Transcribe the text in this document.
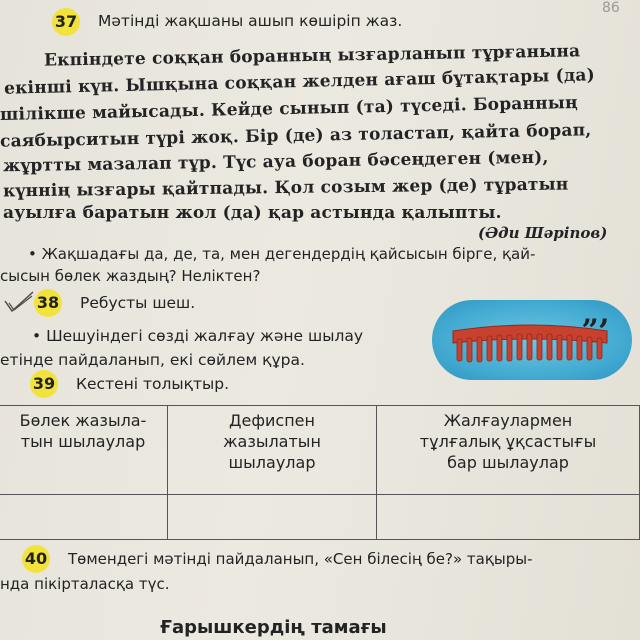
86
37 Мәтінді жақшаны ашып көшіріп жаз.
Екпіндете соққан боранның ызғарланып тұрғанына
екінші күн. Ышқына соққан желден ағаш бұтақтары (да)
шілікше майысады. Кейде сынып (та) түседі. Боранның
саябырситын түрі жоқ. Бір (де) аз толастап, қайта борап,
жұртты мазалап тұр. Түс ауа боран бәсеңдеген (мен),
күннің ызғары қайтпады. Қол созым жер (де) тұратын
ауылға баратын жол (да) қар астында қалыпты.
(Әди Шәріпов)
• Жақшадағы да, де, та, мен дегендердің қайсысын бірге, қай-
сысын бөлек жаздың? Неліктен?
38 Ребусты шеш.
• Шешуіндегі сөзді жалғау және шылау
етінде пайдаланып, екі сөйлем құра.
„,
39 Кестені толықтыр.
Бөлек жазыла-
тын шылаулар	Дефиспен
жазылатын
шылаулар	Жалғаулармен
тұлғалық ұқсастығы
бар шылаулар

40 Төмендегі мәтінді пайдаланып, «Сен білесің бе?» тақыры-
нда пікірталасқа түс.
Ғарышкердің тамағы
